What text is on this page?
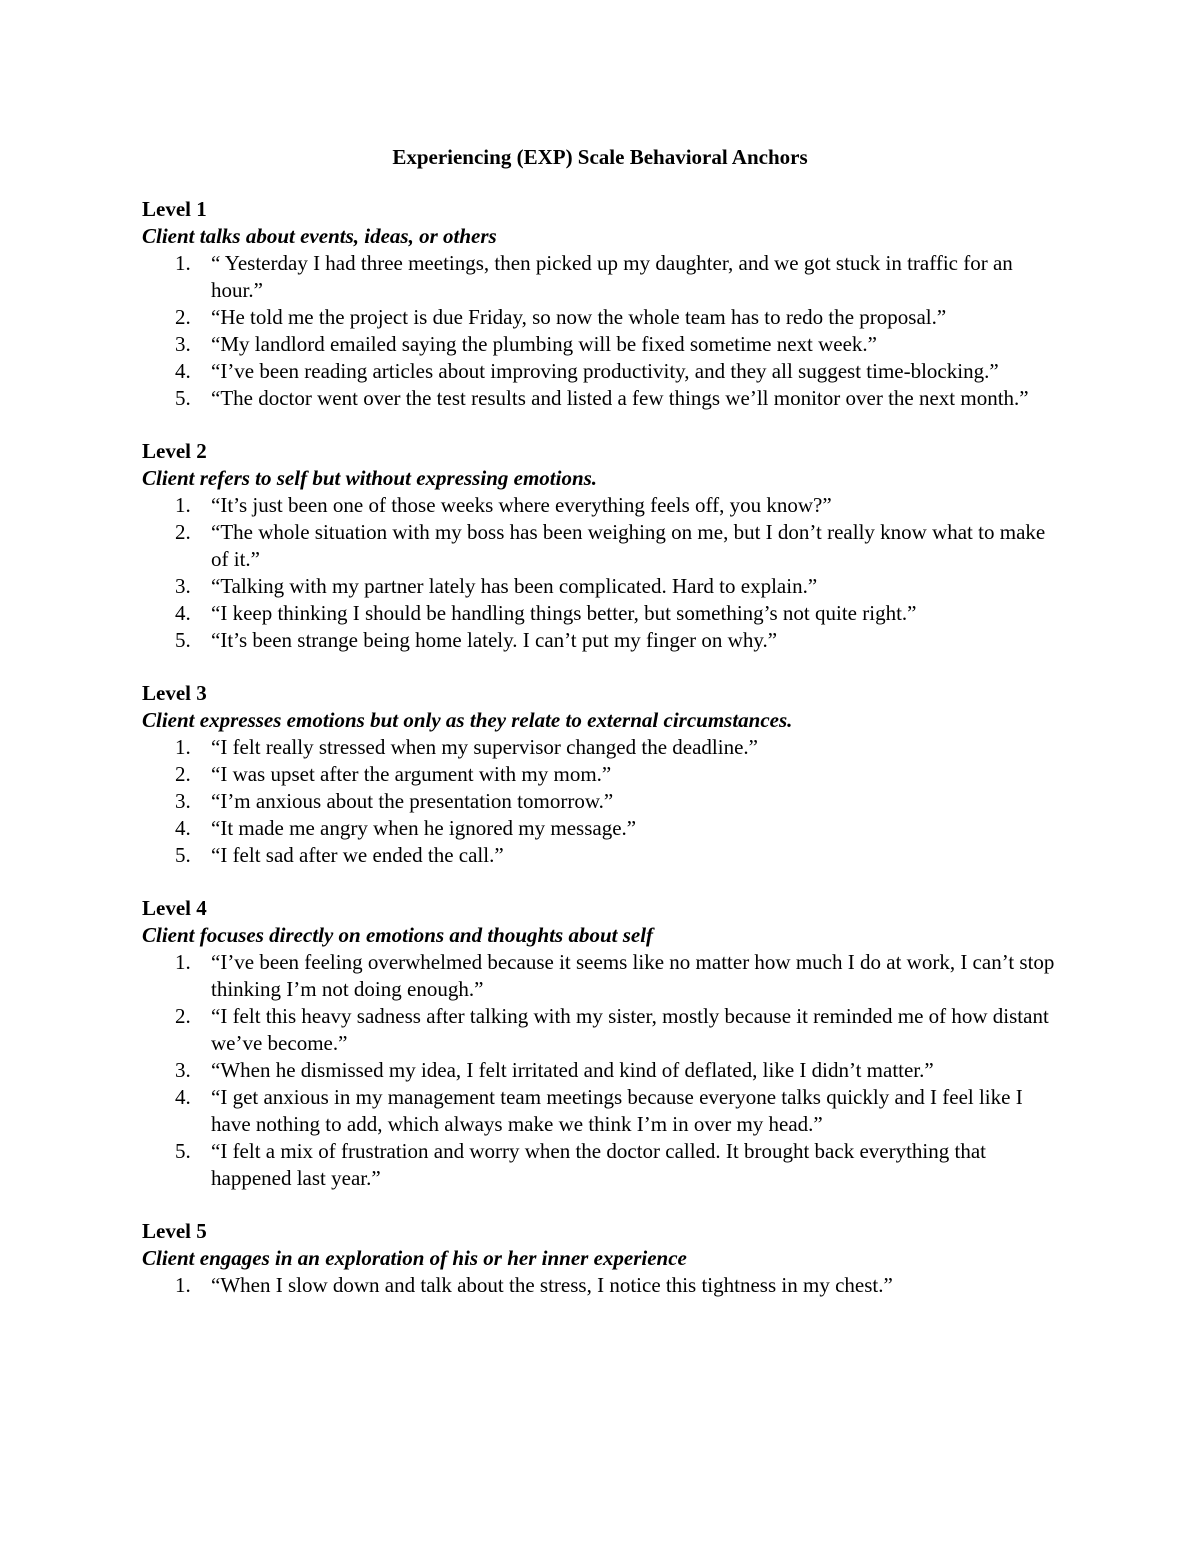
Experiencing (EXP) Scale Behavioral Anchors
Level 1

Client talks about events, ideas, or others

1. “ Yesterday I had three meetings, then picked up my daughter, and we got stuck in traffic for an hour.”
2. “He told me the project is due Friday, so now the whole team has to redo the proposal.”
3. “My landlord emailed saying the plumbing will be fixed sometime next week.”
4. “I’ve been reading articles about improving productivity, and they all suggest time-blocking.”
5. “The doctor went over the test results and listed a few things we’ll monitor over the next month.”
Level 2

Client refers to self but without expressing emotions.

1. “It’s just been one of those weeks where everything feels off, you know?”
2. “The whole situation with my boss has been weighing on me, but I don’t really know what to make of it.”
3. “Talking with my partner lately has been complicated. Hard to explain.”
4. “I keep thinking I should be handling things better, but something’s not quite right.”
5. “It’s been strange being home lately. I can’t put my finger on why.”
Level 3

Client expresses emotions but only as they relate to external circumstances.

1. “I felt really stressed when my supervisor changed the deadline.”
2. “I was upset after the argument with my mom.”
3. “I’m anxious about the presentation tomorrow.”
4. “It made me angry when he ignored my message.”
5. “I felt sad after we ended the call.”
Level 4

Client focuses directly on emotions and thoughts about self

1. “I’ve been feeling overwhelmed because it seems like no matter how much I do at work, I can’t stop thinking I’m not doing enough.”
2. “I felt this heavy sadness after talking with my sister, mostly because it reminded me of how distant we’ve become.”
3. “When he dismissed my idea, I felt irritated and kind of deflated, like I didn’t matter.”
4. “I get anxious in my management team meetings because everyone talks quickly and I feel like I have nothing to add, which always make we think I’m in over my head.”
5. “I felt a mix of frustration and worry when the doctor called. It brought back everything that happened last year.”
Level 5

Client engages in an exploration of his or her inner experience

1. “When I slow down and talk about the stress, I notice this tightness in my chest.”
